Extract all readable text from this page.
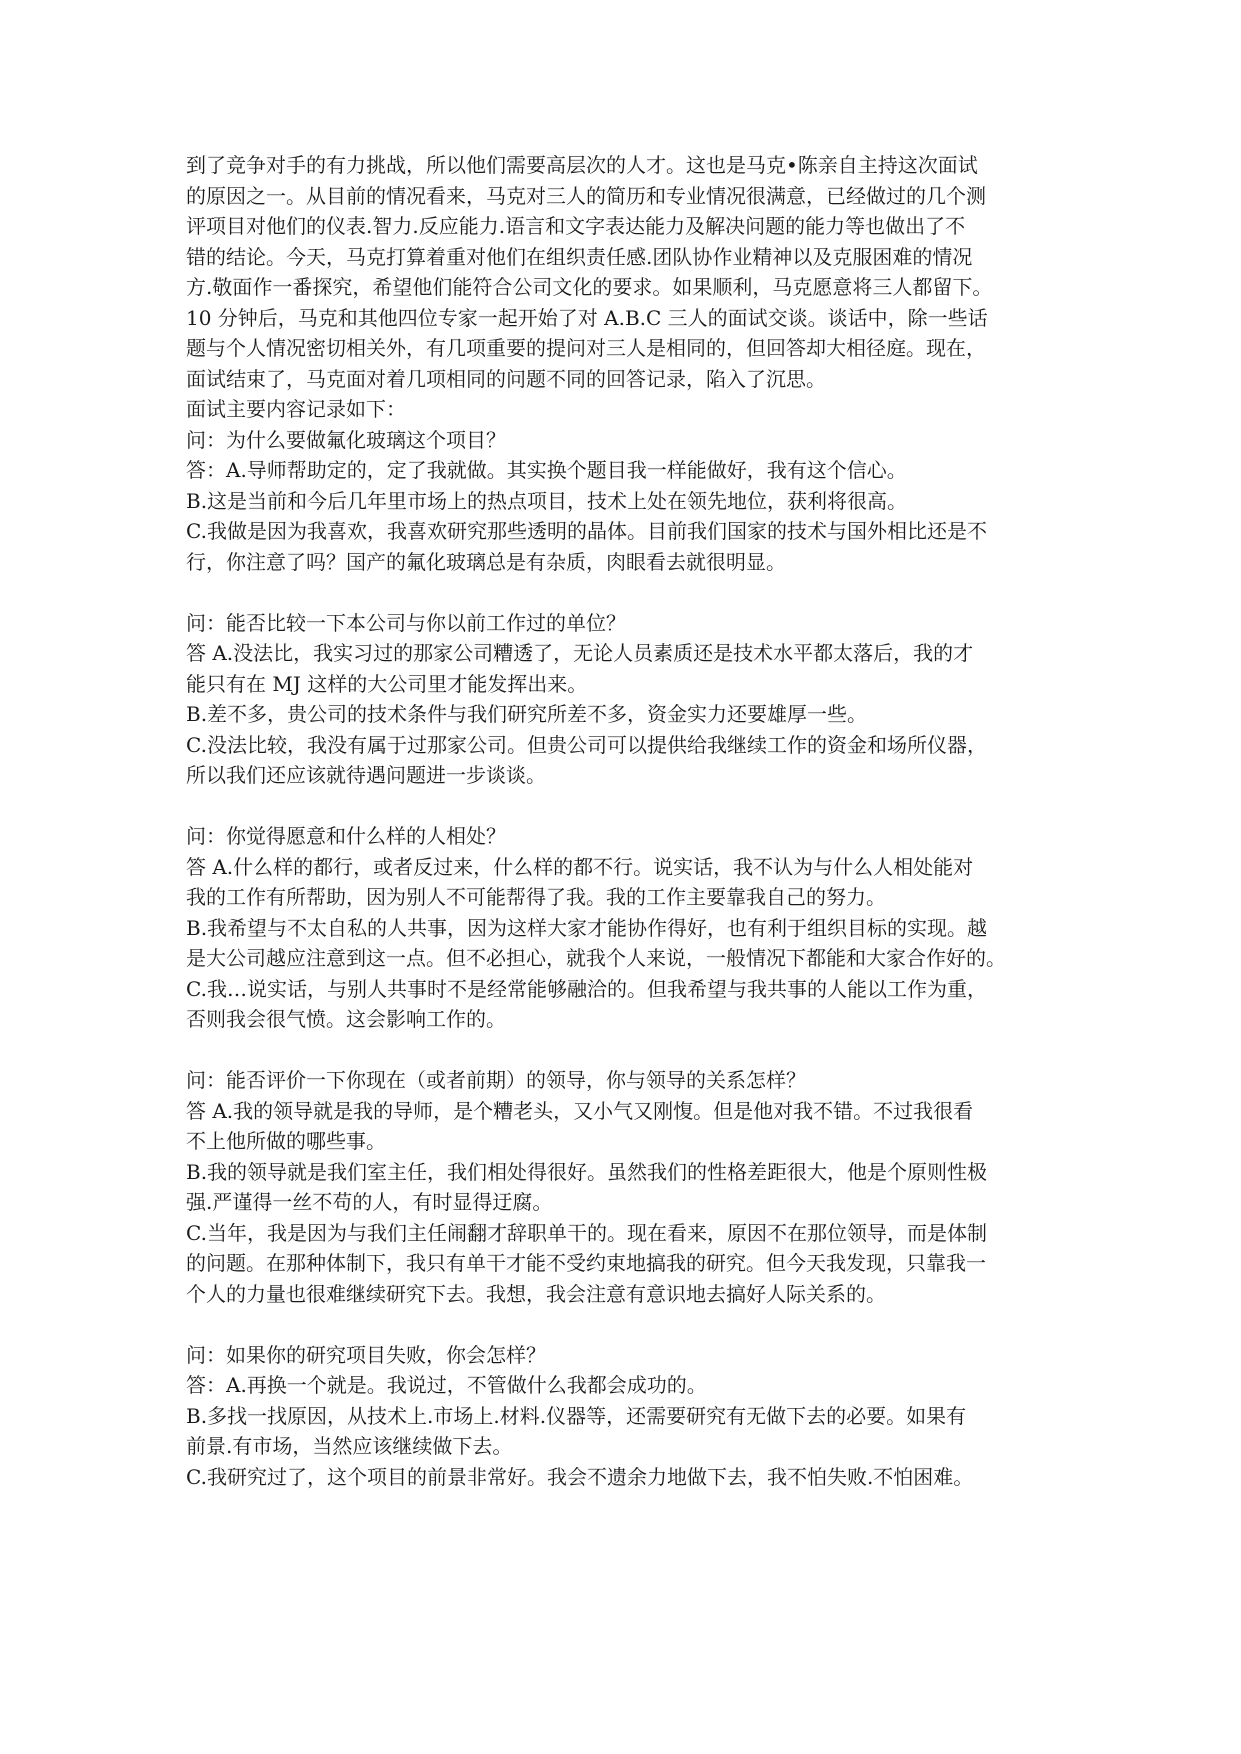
到了竞争对手的有力挑战，所以他们需要高层次的人才。这也是马克•陈亲自主持这次面试
的原因之一。从目前的情况看来，马克对三人的简历和专业情况很满意，已经做过的几个测
评项目对他们的仪表.智力.反应能力.语言和文字表达能力及解决问题的能力等也做出了不
错的结论。今天，马克打算着重对他们在组织责任感.团队协作业精神以及克服困难的情况
方.敬面作一番探究，希望他们能符合公司文化的要求。如果顺利，马克愿意将三人都留下。
10 分钟后，马克和其他四位专家一起开始了对 A.B.C 三人的面试交谈。谈话中，除一些话
题与个人情况密切相关外，有几项重要的提问对三人是相同的，但回答却大相径庭。现在，
面试结束了，马克面对着几项相同的问题不同的回答记录，陷入了沉思。
面试主要内容记录如下：
问：为什么要做氟化玻璃这个项目？
答：A.导师帮助定的，定了我就做。其实换个题目我一样能做好，我有这个信心。
B.这是当前和今后几年里市场上的热点项目，技术上处在领先地位，获利将很高。
C.我做是因为我喜欢，我喜欢研究那些透明的晶体。目前我们国家的技术与国外相比还是不
行，你注意了吗？国产的氟化玻璃总是有杂质，肉眼看去就很明显。
问：能否比较一下本公司与你以前工作过的单位？
答 A.没法比，我实习过的那家公司糟透了，无论人员素质还是技术水平都太落后，我的才
能只有在 MJ 这样的大公司里才能发挥出来。
B.差不多，贵公司的技术条件与我们研究所差不多，资金实力还要雄厚一些。
C.没法比较，我没有属于过那家公司。但贵公司可以提供给我继续工作的资金和场所仪器，
所以我们还应该就待遇问题进一步谈谈。
问：你觉得愿意和什么样的人相处？
答 A.什么样的都行，或者反过来，什么样的都不行。说实话，我不认为与什么人相处能对
我的工作有所帮助，因为别人不可能帮得了我。我的工作主要靠我自己的努力。
B.我希望与不太自私的人共事，因为这样大家才能协作得好，也有利于组织目标的实现。越
是大公司越应注意到这一点。但不必担心，就我个人来说，一般情况下都能和大家合作好的。
C.我…说实话，与别人共事时不是经常能够融洽的。但我希望与我共事的人能以工作为重，
否则我会很气愤。这会影响工作的。
问：能否评价一下你现在（或者前期）的领导，你与领导的关系怎样？
答 A.我的领导就是我的导师，是个糟老头，又小气又刚愎。但是他对我不错。不过我很看
不上他所做的哪些事。
B.我的领导就是我们室主任，我们相处得很好。虽然我们的性格差距很大，他是个原则性极
强.严谨得一丝不苟的人，有时显得迂腐。
C.当年，我是因为与我们主任闹翻才辞职单干的。现在看来，原因不在那位领导，而是体制
的问题。在那种体制下，我只有单干才能不受约束地搞我的研究。但今天我发现，只靠我一
个人的力量也很难继续研究下去。我想，我会注意有意识地去搞好人际关系的。
问：如果你的研究项目失败，你会怎样？
答：A.再换一个就是。我说过，不管做什么我都会成功的。
B.多找一找原因，从技术上.市场上.材料.仪器等，还需要研究有无做下去的必要。如果有
前景.有市场，当然应该继续做下去。
C.我研究过了，这个项目的前景非常好。我会不遗余力地做下去，我不怕失败.不怕困难。
